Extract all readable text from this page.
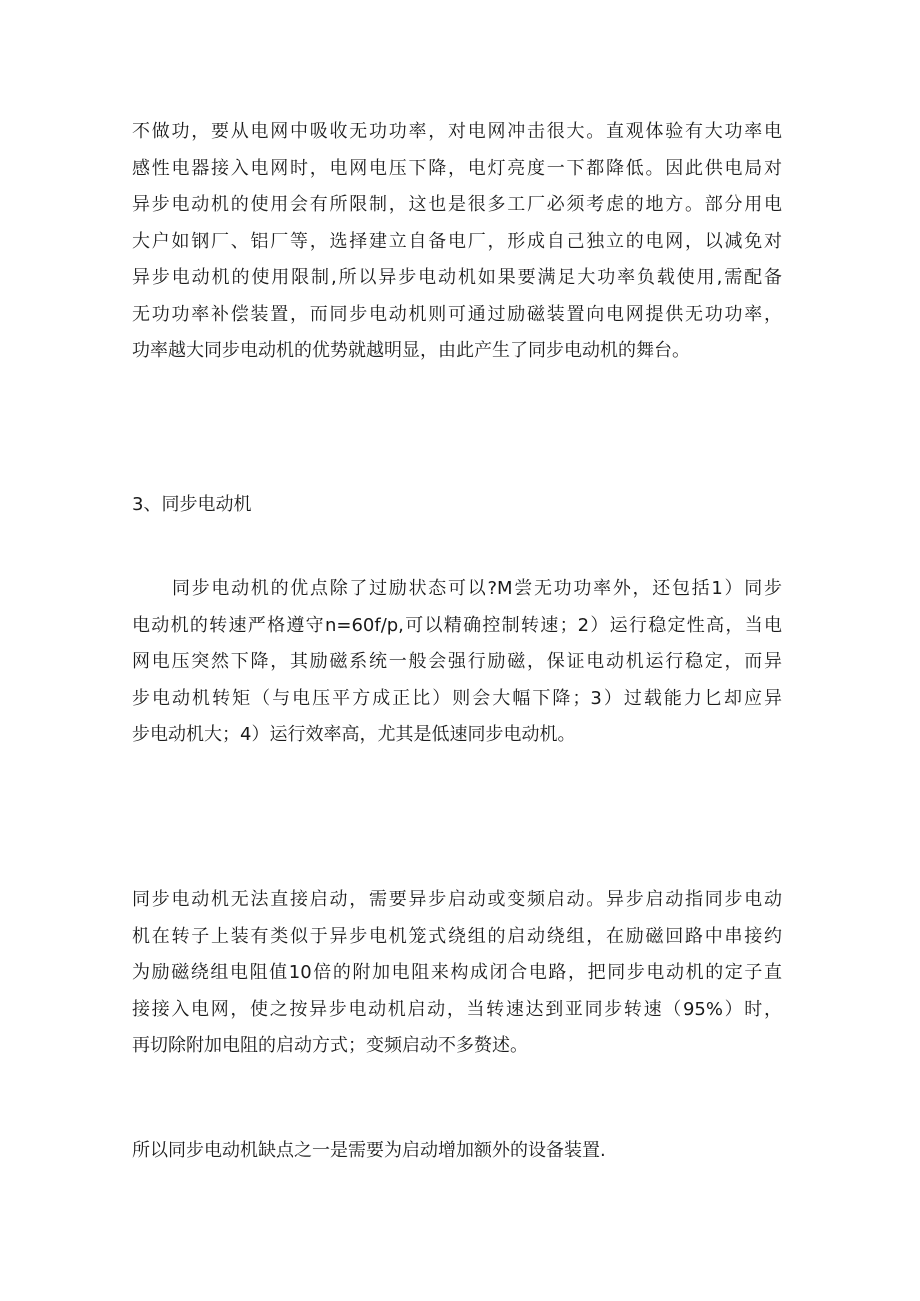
不做功，要从电网中吸收无功功率，对电网冲击很大。直观体验有大功率电
感性电器接入电网时，电网电压下降，电灯亮度一下都降低。因此供电局对
异步电动机的使用会有所限制，这也是很多工厂必须考虑的地方。部分用电
大户如钢厂、铝厂等，选择建立自备电厂，形成自己独立的电网，以减免对
异步电动机的使用限制,所以异步电动机如果要满足大功率负载使用,需配备
无功功率补偿装置，而同步电动机则可通过励磁装置向电网提供无功功率，
功率越大同步电动机的优势就越明显，由此产生了同步电动机的舞台。
3、同步电动机
同步电动机的优点除了过励状态可以?M尝无功功率外，还包括1）同步
电动机的转速严格遵守n=60f/p,可以精确控制转速；2）运行稳定性高，当电
网电压突然下降，其励磁系统一般会强行励磁，保证电动机运行稳定，而异
步电动机转矩（与电压平方成正比）则会大幅下降；3）过载能力匕却应异
步电动机大；4）运行效率高，尤其是低速同步电动机。
同步电动机无法直接启动，需要异步启动或变频启动。异步启动指同步电动
机在转子上装有类似于异步电机笼式绕组的启动绕组，在励磁回路中串接约
为励磁绕组电阻值10倍的附加电阻来构成闭合电路，把同步电动机的定子直
接接入电网，使之按异步电动机启动，当转速达到亚同步转速（95%）时，
再切除附加电阻的启动方式；变频启动不多赘述。
所以同步电动机缺点之一是需要为启动增加额外的设备装置.
